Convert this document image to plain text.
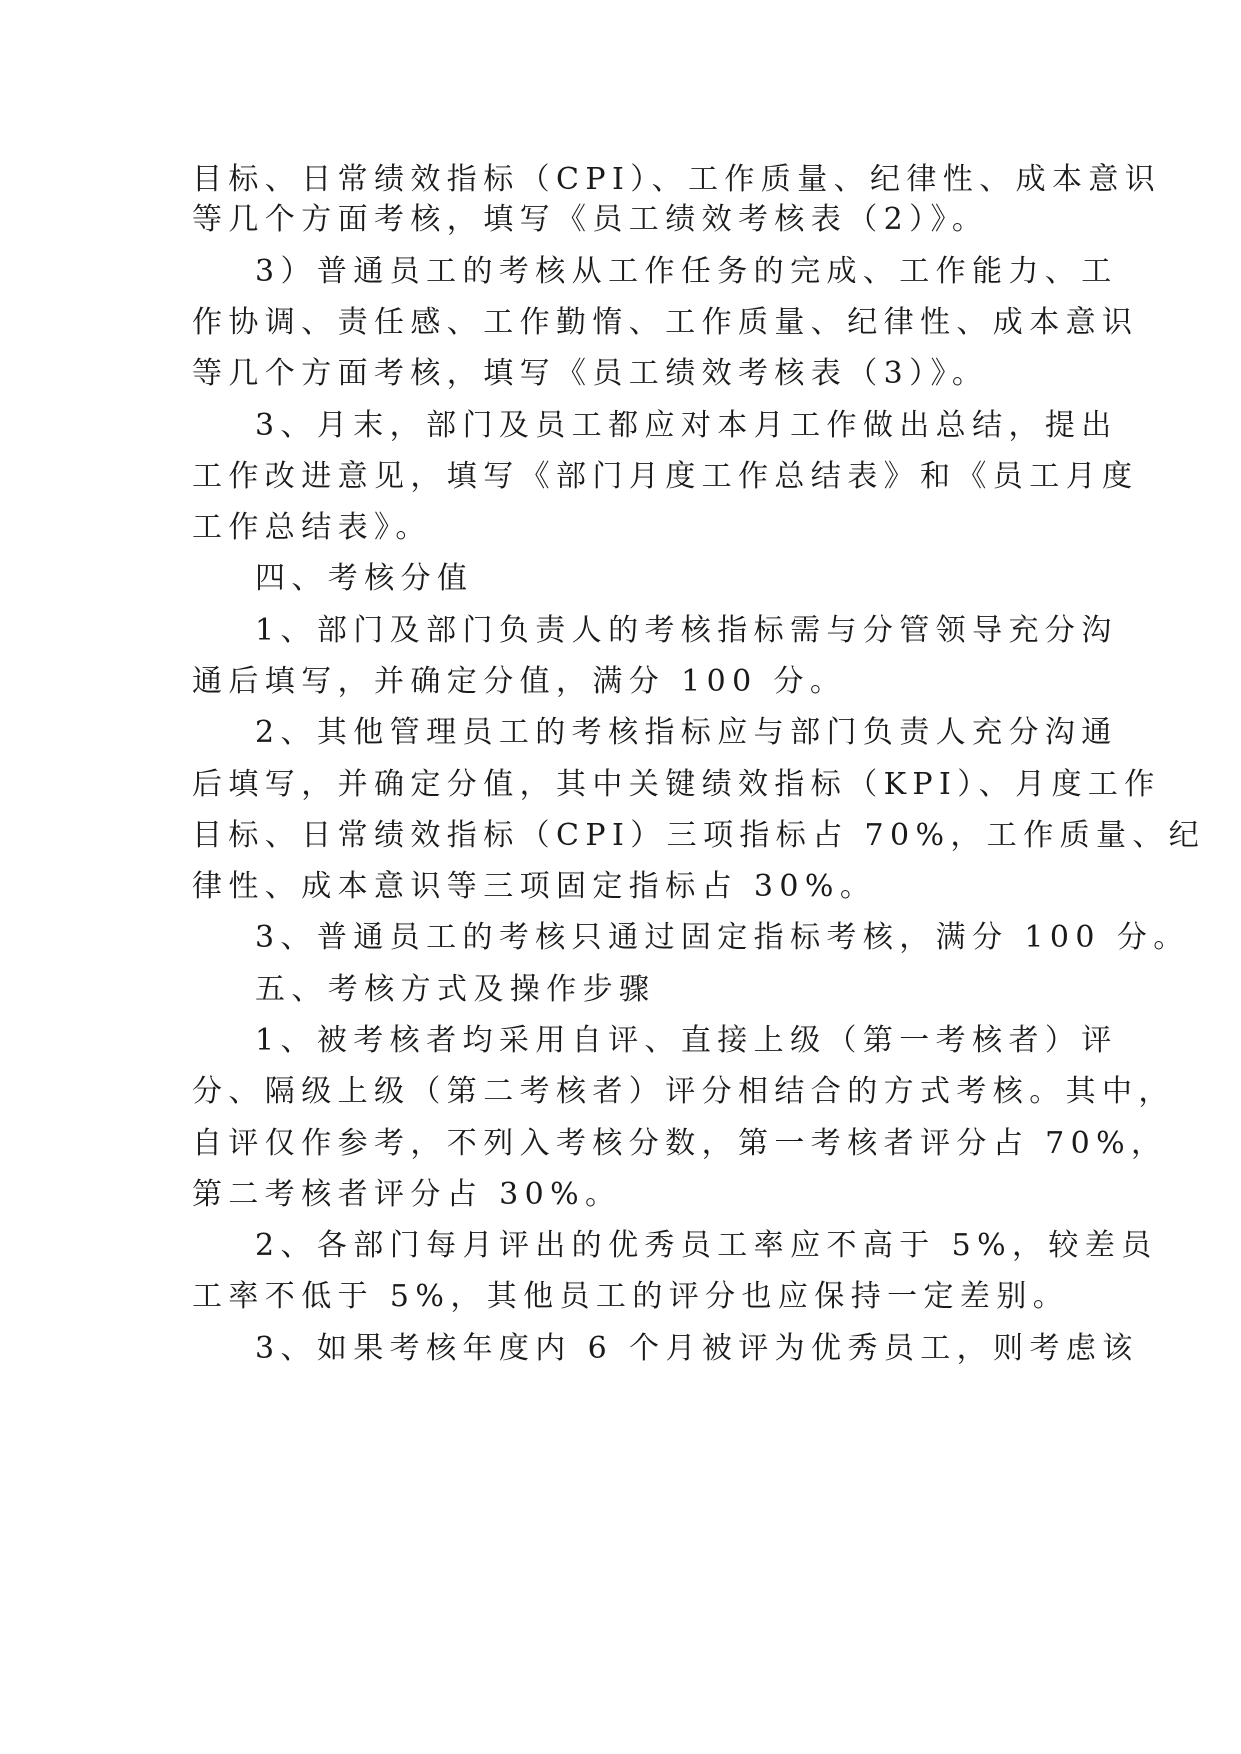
目标、日常绩效指标（CPI）、工作质量、纪律性、成本意识
等几个方面考核，填写《员工绩效考核表（2）》。
3）普通员工的考核从工作任务的完成、工作能力、工
作协调、责任感、工作勤惰、工作质量、纪律性、成本意识
等几个方面考核，填写《员工绩效考核表（3）》。
3、月末，部门及员工都应对本月工作做出总结，提出
工作改进意见，填写《部门月度工作总结表》和《员工月度
工作总结表》。
四、考核分值
1、部门及部门负责人的考核指标需与分管领导充分沟
通后填写，并确定分值，满分 100 分。
2、其他管理员工的考核指标应与部门负责人充分沟通
后填写，并确定分值，其中关键绩效指标（KPI）、月度工作
目标、日常绩效指标（CPI）三项指标占 70%，工作质量、纪
律性、成本意识等三项固定指标占 30%。
3、普通员工的考核只通过固定指标考核，满分 100 分。
五、考核方式及操作步骤
1、被考核者均采用自评、直接上级（第一考核者）评
分、隔级上级（第二考核者）评分相结合的方式考核。其中，
自评仅作参考，不列入考核分数，第一考核者评分占 70%，
第二考核者评分占 30%。
2、各部门每月评出的优秀员工率应不高于 5%，较差员
工率不低于 5%，其他员工的评分也应保持一定差别。
3、如果考核年度内 6 个月被评为优秀员工，则考虑该
